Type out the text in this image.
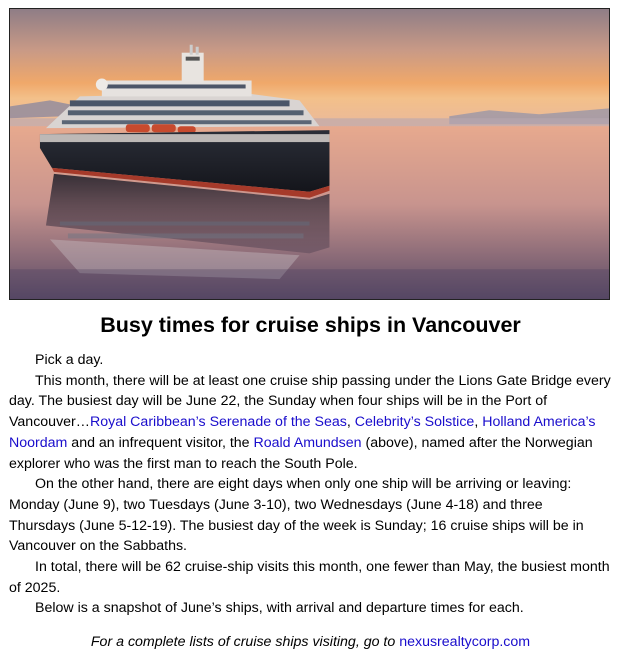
Busy times for cruise ships in Vancouver

Pick a day.

This month, there will be at least one cruise ship passing under the Lions Gate Bridge every day. The busiest day will be June 22, the Sunday when four ships will be in the Port of Vancouver…Royal Caribbean’s Serenade of the Seas, Celebrity’s Solstice, Holland America’s Noordam and an infrequent visitor, the Roald Amundsen (above), named after the Norwegian explorer who was the first man to reach the South Pole.

On the other hand, there are eight days when only one ship will be arriving or leaving: Monday (June 9), two Tuesdays (June 3-10), two Wednesdays (June 4-18) and three Thursdays (June 5-12-19). The busiest day of the week is Sunday; 16 cruise ships will be in Vancouver on the Sabbaths.

In total, there will be 62 cruise-ship visits this month, one fewer than May, the busiest month of 2025.

Below is a snapshot of June’s ships, with arrival and departure times for each.

For a complete lists of cruise ships visiting, go to nexusrealtycorp.com
